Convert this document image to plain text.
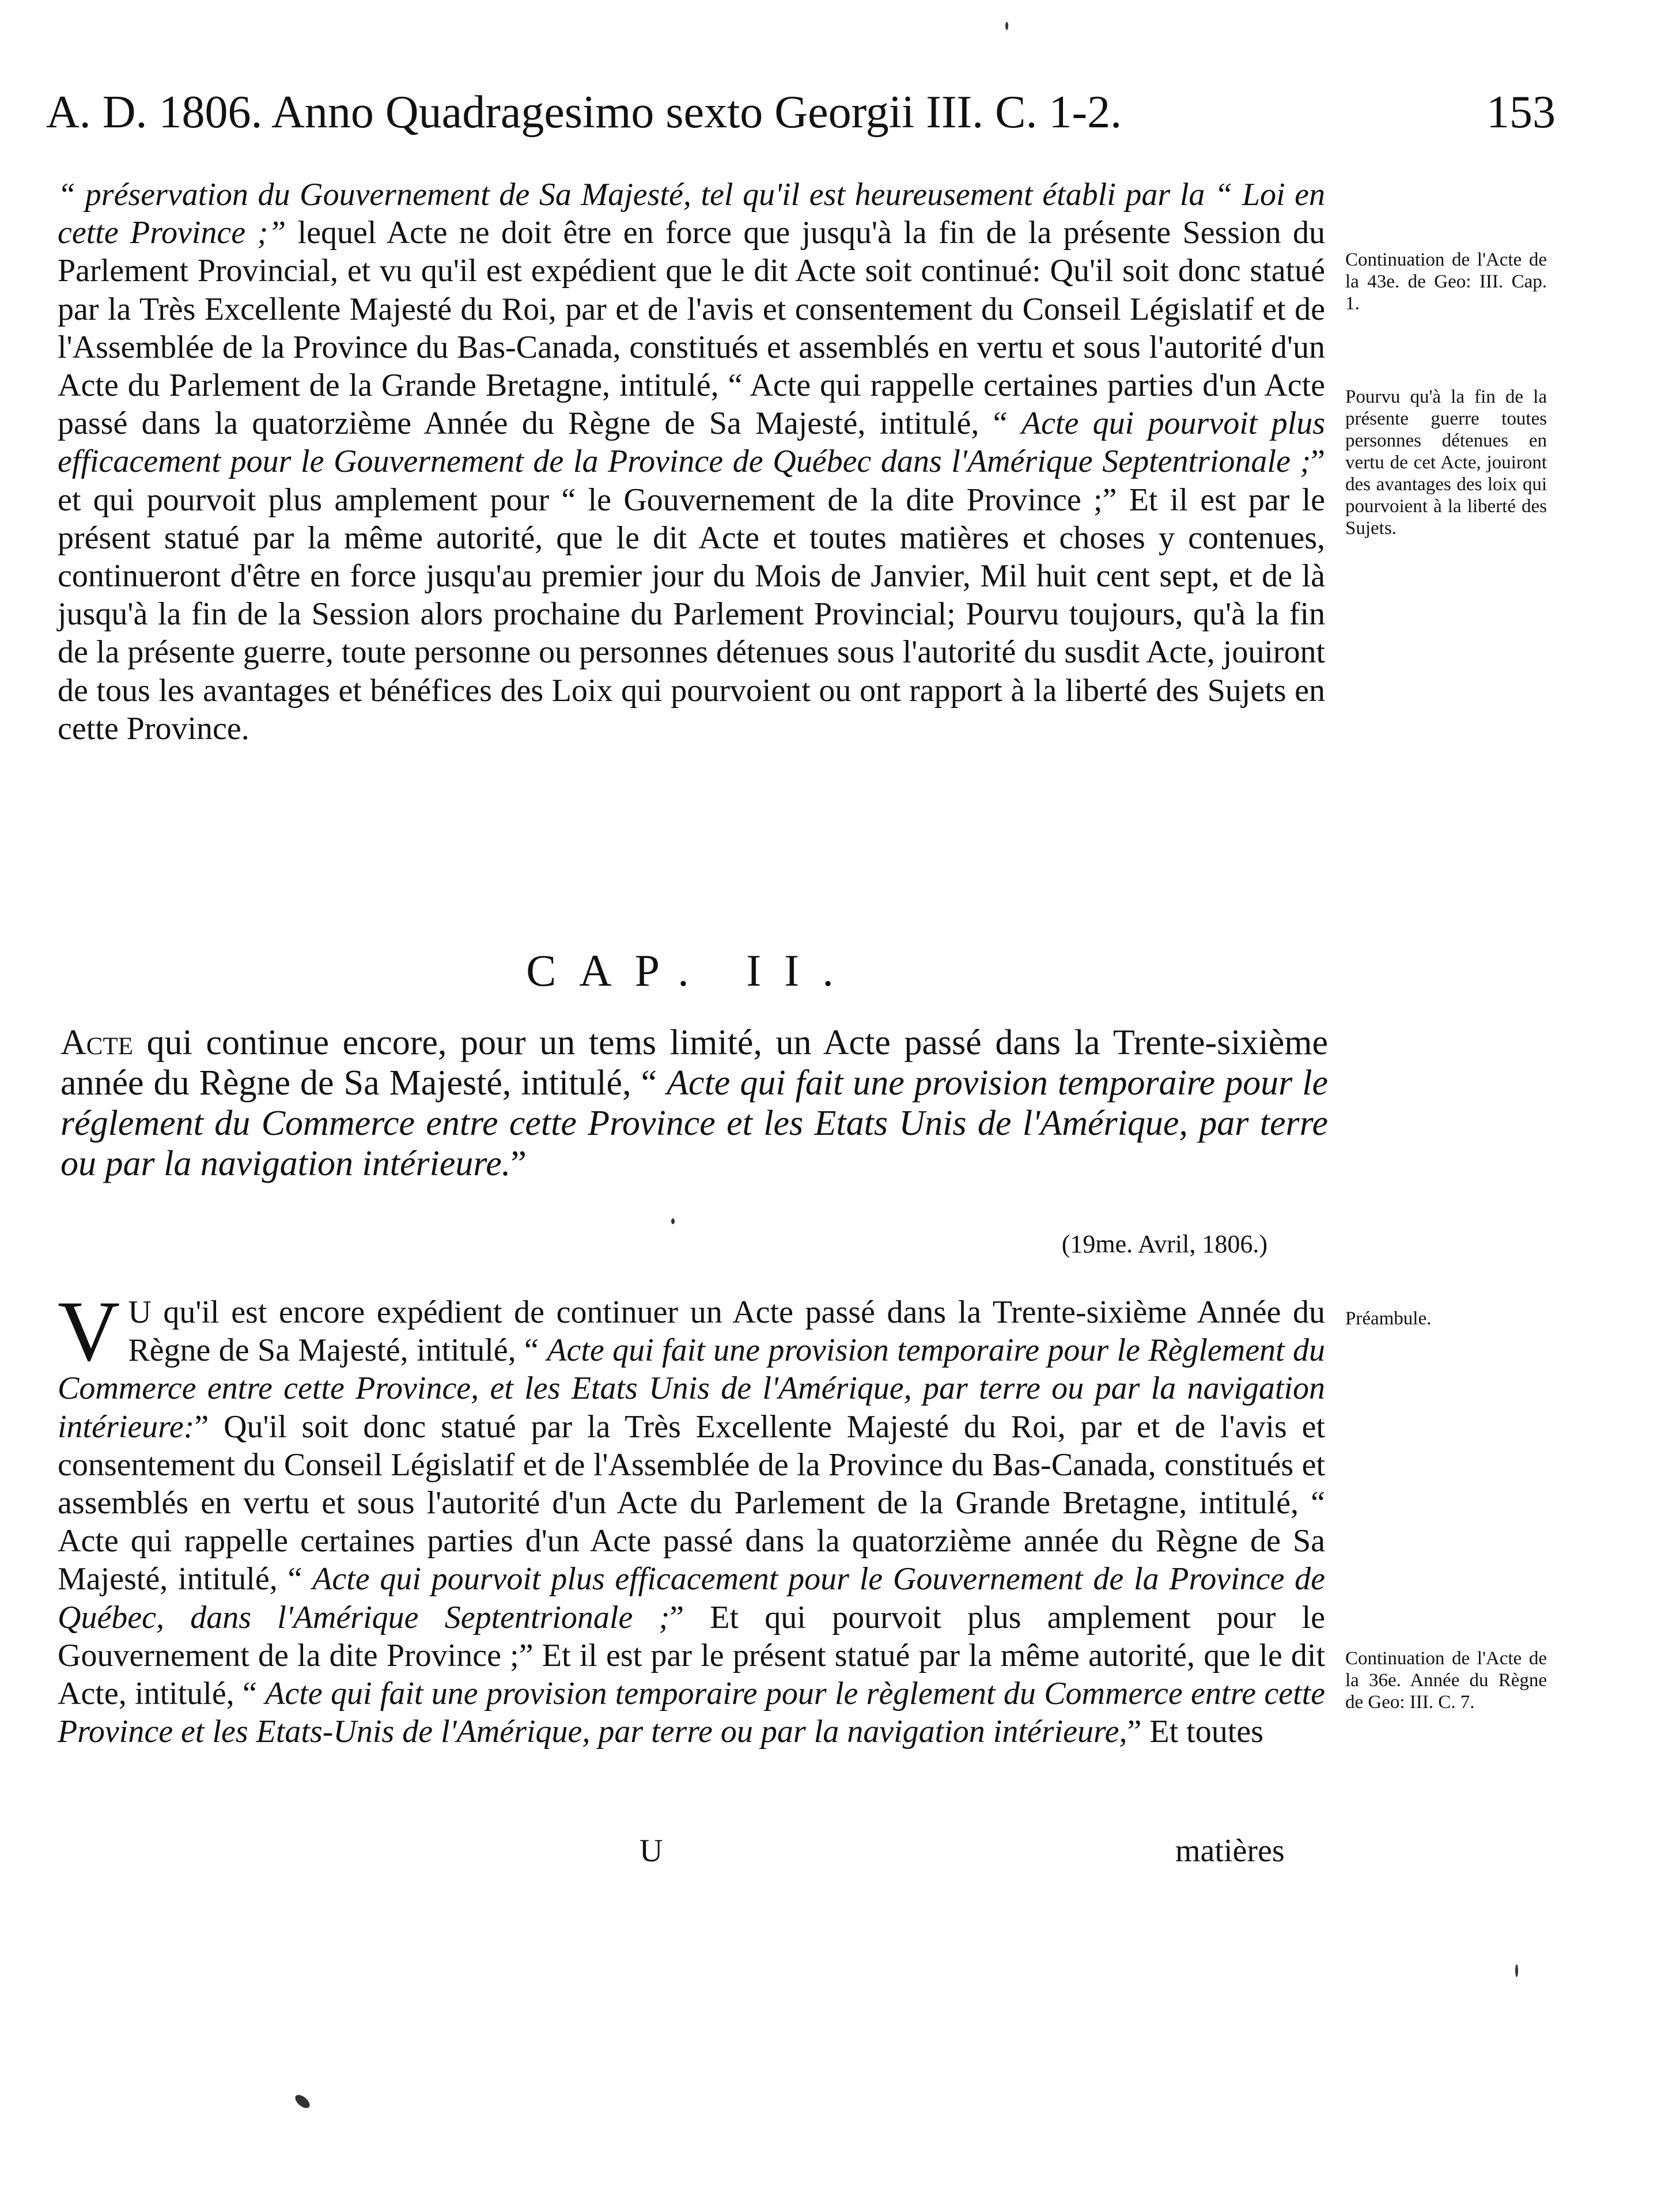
A. D. 1806. Anno Quadragesimo sexto Georgii III. C. 1-2.	153

“ préservation du Gouvernement de Sa Majesté, tel qu'il est heureusement établi par la “ Loi en cette Province ;” lequel Acte ne doit être en force que jusqu'à la fin de la présente Session du Parlement Provincial, et vu qu'il est expédient que le dit Acte soit continué: Qu'il soit donc statué par la Très Excellente Majesté du Roi, par et de l'avis et consentement du Conseil Législatif et de l'Assemblée de la Province du Bas-Canada, constitués et assemblés en vertu et sous l'autorité d'un Acte du Parlement de la Grande Bretagne, intitulé, “ Acte qui rappelle certaines parties d'un Acte passé dans la quatorzième Année du Règne de Sa Majesté, intitulé, “ Acte qui pourvoit plus efficacement pour le Gouvernement de la Province de Québec dans l'Amérique Septentrionale ;” et qui pourvoit plus amplement pour “ le Gouvernement de la dite Province ;” Et il est par le présent statué par la même autorité, que le dit Acte et toutes matières et choses y contenues, continueront d'être en force jusqu'au premier jour du Mois de Janvier, Mil huit cent sept, et de là jusqu'à la fin de la Session alors prochaine du Parlement Provincial; Pourvu toujours, qu'à la fin de la présente guerre, toute personne ou personnes détenues sous l'autorité du susdit Acte, jouiront de tous les avantages et bénéfices des Loix qui pourvoient ou ont rapport à la liberté des Sujets en cette Province.

CAP. II.
Acte qui continue encore, pour un tems limité, un Acte passé dans la Trente-sixième année du Règne de Sa Majesté, intitulé, “ Acte qui fait une provision temporaire pour le réglement du Commerce entre cette Province et les Etats Unis de l'Amérique, par terre ou par la navigation intérieure.”
(19me. Avril, 1806.)

V U qu'il est encore expédient de continuer un Acte passé dans la Trente-sixième Année du Règne de Sa Majesté, intitulé, “ Acte qui fait une provision temporaire pour le Règlement du Commerce entre cette Province, et les Etats Unis de l'Amérique, par terre ou par la navigation intérieure:” Qu'il soit donc statué par la Très Excellente Majesté du Roi, par et de l'avis et consentement du Conseil Législatif et de l'Assemblée de la Province du Bas-Canada, constitués et assemblés en vertu et sous l'autorité d'un Acte du Parlement de la Grande Bretagne, intitulé, “ Acte qui rappelle certaines parties d'un Acte passé dans la quatorzième année du Règne de Sa Majesté, intitulé, “ Acte qui pourvoit plus efficacement pour le Gouvernement de la Province de Québec, dans l'Amérique Septentrionale ;” Et qui pourvoit plus amplement pour le Gouvernement de la dite Province ;” Et il est par le présent statué par la même autorité, que le dit Acte, intitulé, “ Acte qui fait une provision temporaire pour le règlement du Commerce entre cette Province et les Etats-Unis de l'Amérique, par terre ou par la navigation intérieure,” Et toutes

U	matières
Continuation de l'Acte de la 43e. de Geo: III. Cap. 1.
Pourvu qu'à la fin de la présente guerre toutes personnes détenues en vertu de cet Acte, jouiront des avantages des loix qui pourvoient à la liberté des Sujets.
Préambule.
Continuation de l'Acte de la 36e. Année du Règne de Geo: III. C. 7.
